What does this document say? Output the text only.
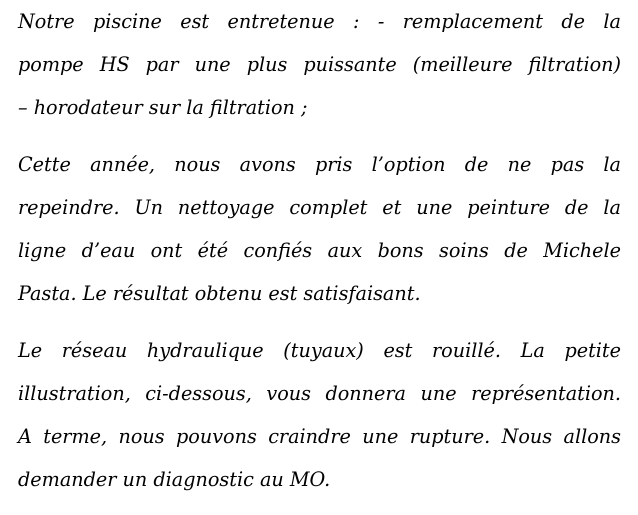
Notre piscine est entretenue : - remplacement de la
pompe HS par une plus puissante (meilleure filtration)
– horodateur sur la filtration ;
Cette année, nous avons pris l’option de ne pas la
repeindre. Un nettoyage complet et une peinture de la
ligne d’eau ont été confiés aux bons soins de Michele
Pasta. Le résultat obtenu est satisfaisant.
Le réseau hydraulique (tuyaux) est rouillé. La petite
illustration, ci-dessous, vous donnera une représentation.
A terme, nous pouvons craindre une rupture. Nous allons
demander un diagnostic au MO.
